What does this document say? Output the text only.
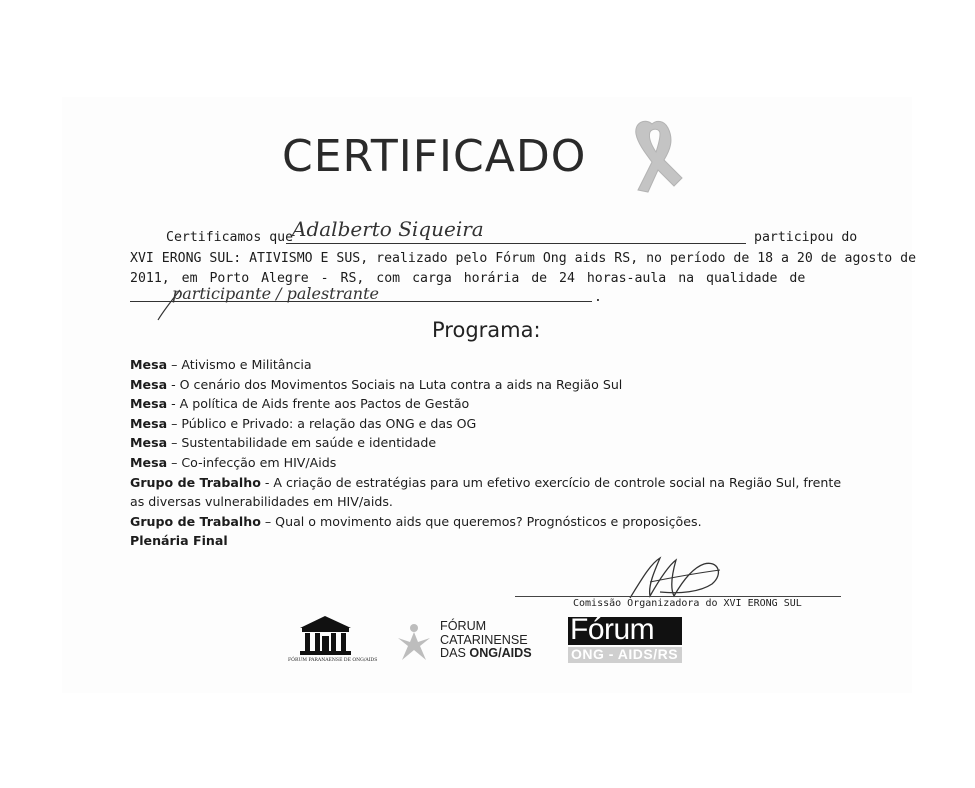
CERTIFICADO
Certificamos que
Adalberto Siqueira	participou do
XVI ERONG SUL: ATIVISMO E SUS, realizado pelo Fórum Ong aids RS, no período de 18 a 20 de agosto de
2011, em Porto Alegre - RS, com carga horária de 24 horas-aula na qualidade de
participante / palestrante	.
Programa:
Mesa – Ativismo e Militância
Mesa - O cenário dos Movimentos Sociais na Luta contra a aids na Região Sul
Mesa - A política de Aids frente aos Pactos de Gestão
Mesa – Público e Privado: a relação das ONG e das OG
Mesa – Sustentabilidade em saúde e identidade
Mesa – Co-infecção em HIV/Aids
Grupo de Trabalho - A criação de estratégias para um efetivo exercício de controle social na Região Sul, frente
as diversas vulnerabilidades em HIV/aids.
Grupo de Trabalho – Qual o movimento aids que queremos? Prognósticos e proposições.
Plenária Final
Comissão Organizadora do XVI ERONG SUL
FÓRUM PARANAENSE DE ONG/AIDS
FÓRUM
CATARINENSE
DAS ONG/AIDS
Fórum
ONG - AIDS/RS
